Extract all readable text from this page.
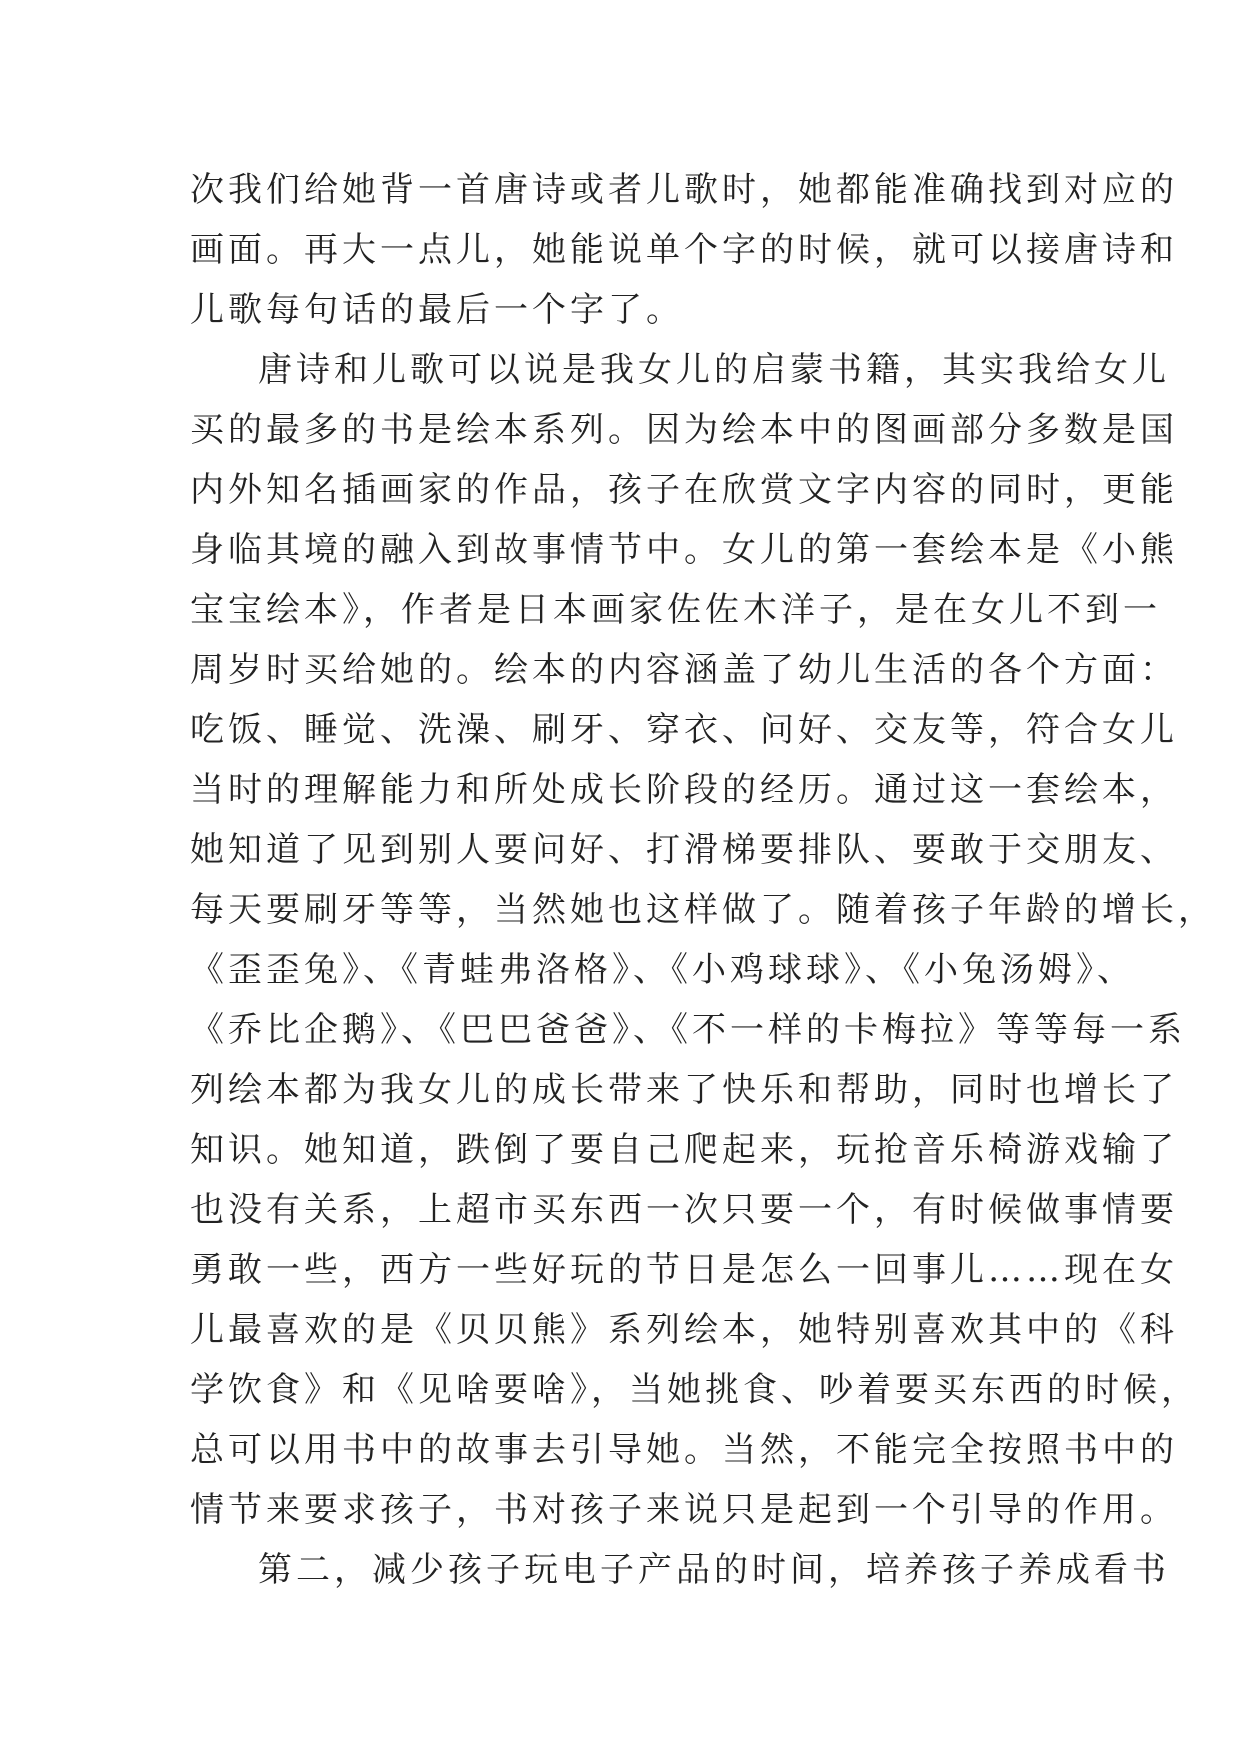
次我们给她背一首唐诗或者儿歌时，她都能准确找到对应的
画面。再大一点儿，她能说单个字的时候，就可以接唐诗和
儿歌每句话的最后一个字了。
唐诗和儿歌可以说是我女儿的启蒙书籍，其实我给女儿
买的最多的书是绘本系列。因为绘本中的图画部分多数是国
内外知名插画家的作品，孩子在欣赏文字内容的同时，更能
身临其境的融入到故事情节中。女儿的第一套绘本是《小熊
宝宝绘本》，作者是日本画家佐佐木洋子，是在女儿不到一
周岁时买给她的。绘本的内容涵盖了幼儿生活的各个方面：
吃饭、睡觉、洗澡、刷牙、穿衣、问好、交友等，符合女儿
当时的理解能力和所处成长阶段的经历。通过这一套绘本，
她知道了见到别人要问好、打滑梯要排队、要敢于交朋友、
每天要刷牙等等，当然她也这样做了。随着孩子年龄的增长，
《歪歪兔》、《青蛙弗洛格》、《小鸡球球》、《小兔汤姆》、
《乔比企鹅》、《巴巴爸爸》、《不一样的卡梅拉》等等每一系
列绘本都为我女儿的成长带来了快乐和帮助，同时也增长了
知识。她知道，跌倒了要自己爬起来，玩抢音乐椅游戏输了
也没有关系，上超市买东西一次只要一个，有时候做事情要
勇敢一些，西方一些好玩的节日是怎么一回事儿……现在女
儿最喜欢的是《贝贝熊》系列绘本，她特别喜欢其中的《科
学饮食》和《见啥要啥》，当她挑食、吵着要买东西的时候，
总可以用书中的故事去引导她。当然，不能完全按照书中的
情节来要求孩子，书对孩子来说只是起到一个引导的作用。
第二，减少孩子玩电子产品的时间，培养孩子养成看书
